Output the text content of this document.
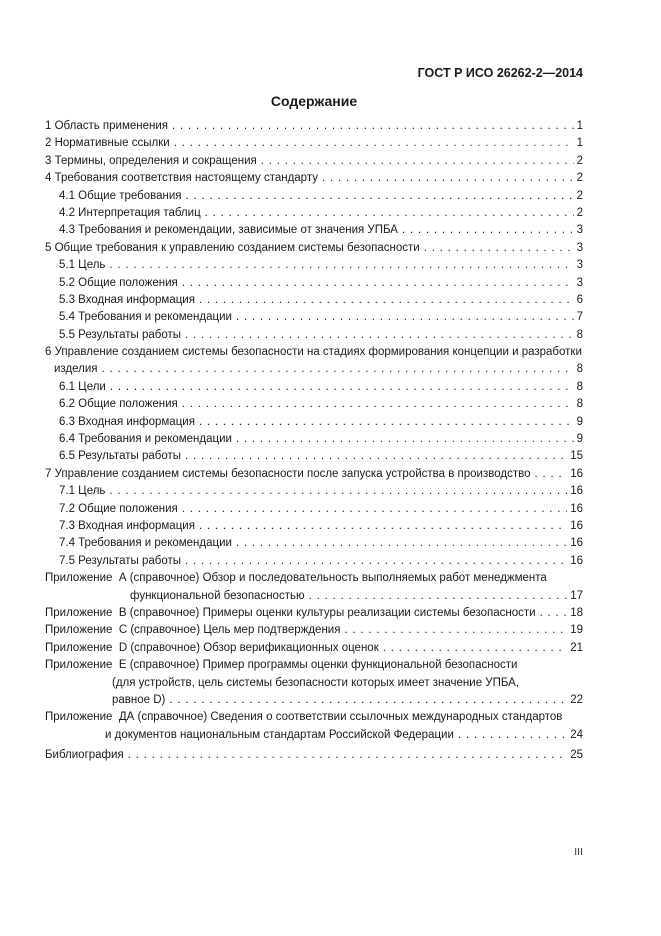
ГОСТ Р ИСО 26262-2—2014
Содержание
1 Область применения . . .	1
2 Нормативные ссылки . . .	1
3 Термины, определения и сокращения . . .	2
4 Требования соответствия настоящему стандарту . . .	2
4.1 Общие требования . . .	2
4.2 Интерпретация таблиц . . .	2
4.3 Требования и рекомендации, зависимые от значения УПБА . . .	3
5 Общие требования к управлению созданием системы безопасности . . .	3
5.1 Цель . . .	3
5.2 Общие положения . . .	3
5.3 Входная информация . . .	6
5.4 Требования и рекомендации . . .	7
5.5 Результаты работы . . .	8
6 Управление созданием системы безопасности на стадиях формирования концепции и разработки
изделия . . .	8
6.1 Цели . . .	8
6.2 Общие положения . . .	8
6.3 Входная информация . . .	9
6.4 Требования и рекомендации . . .	9
6.5 Результаты работы . . .	15
7 Управление созданием системы безопасности после запуска устройства в производство . . .	16
7.1 Цель . . .	16
7.2 Общие положения . . .	16
7.3 Входная информация . . .	16
7.4 Требования и рекомендации . . .	16
7.5 Результаты работы . . .	16
Приложение  А (справочное) Обзор и последовательность выполняемых работ менеджмента
функциональной безопасностью . . .	17
Приложение  В (справочное) Примеры оценки культуры реализации системы безопасности . . .	18
Приложение  С (справочное) Цель мер подтверждения . . .	19
Приложение  D (справочное) Обзор верификационных оценок . . .	21
Приложение  Е (справочное) Пример программы оценки функциональной безопасности
(для устройств, цель системы безопасности которых имеет значение УПБА,
равное D) . . .	22
Приложение  ДА (справочное) Сведения о соответствии ссылочных международных стандартов
и документов национальным стандартам Российской Федерации . . .	24
Библиография . . .	25
III
